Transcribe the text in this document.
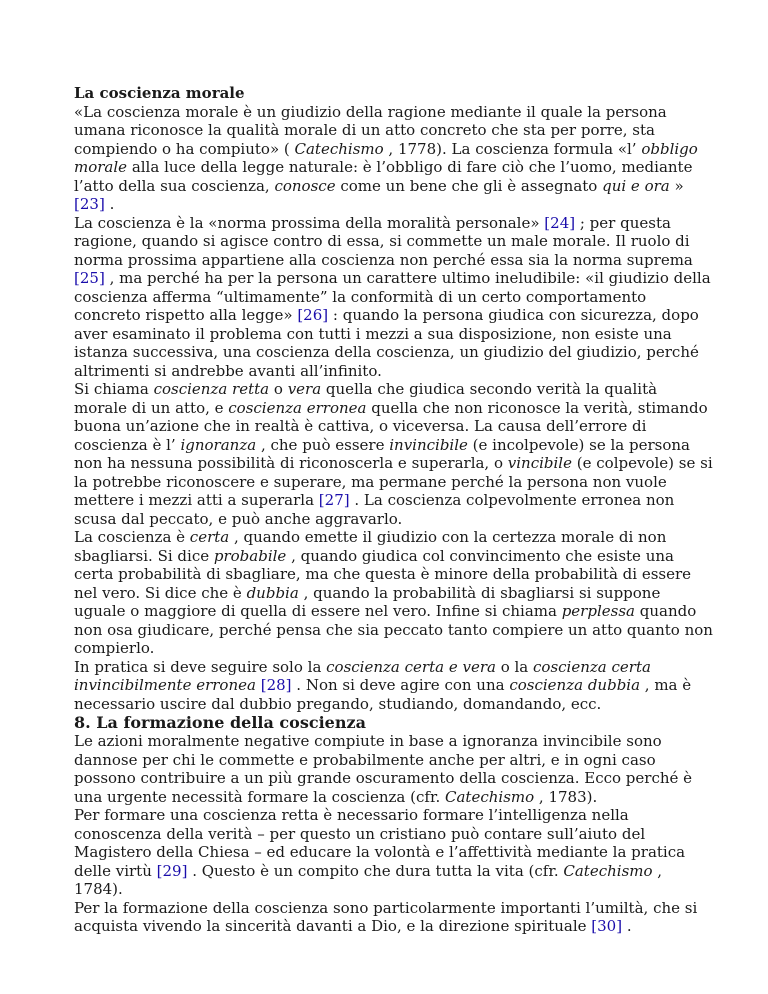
La coscienza morale

«La coscienza morale è un giudizio della ragione mediante il quale la persona umana riconosce la qualità morale di un atto concreto che sta per porre, sta compiendo o ha compiuto» ( Catechismo , 1778). La coscienza formula «l’ obbligo morale alla luce della legge naturale: è l’obbligo di fare ciò che l’uomo, mediante l’atto della sua coscienza, conosce come un bene che gli è assegnato qui e ora » [23] .

La coscienza è la «norma prossima della moralità personale» [24] ; per questa ragione, quando si agisce contro di essa, si commette un male morale. Il ruolo di norma prossima appartiene alla coscienza non perché essa sia la norma suprema [25] , ma perché ha per la persona un carattere ultimo ineludibile: «il giudizio della coscienza afferma “ultimamente” la conformità di un certo comportamento concreto rispetto alla legge» [26] : quando la persona giudica con sicurezza, dopo aver esaminato il problema con tutti i mezzi a sua disposizione, non esiste una istanza successiva, una coscienza della coscienza, un giudizio del giudizio, perché altrimenti si andrebbe avanti all’infinito.

Si chiama coscienza retta o vera quella che giudica secondo verità la qualità morale di un atto, e coscienza erronea quella che non riconosce la verità, stimando buona un’azione che in realtà è cattiva, o viceversa. La causa dell’errore di coscienza è l’ ignoranza , che può essere invincibile (e incolpevole) se la persona non ha nessuna possibilità di riconoscerla e superarla, o vincibile (e colpevole) se si la potrebbe riconoscere e superare, ma permane perché la persona non vuole mettere i mezzi atti a superarla [27] . La coscienza colpevolmente erronea non scusa dal peccato, e può anche aggravarlo.

La coscienza è certa , quando emette il giudizio con la certezza morale di non sbagliarsi. Si dice probabile , quando giudica col convincimento che esiste una certa probabilità di sbagliare, ma che questa è minore della probabilità di essere nel vero. Si dice che è dubbia , quando la probabilità di sbagliarsi si suppone uguale o maggiore di quella di essere nel vero. Infine si chiama perplessa quando non osa giudicare, perché pensa che sia peccato tanto compiere un atto quanto non compierlo.

In pratica si deve seguire solo la coscienza certa e vera o la coscienza certa invincibilmente erronea [28] . Non si deve agire con una coscienza dubbia , ma è necessario uscire dal dubbio pregando, studiando, domandando, ecc.

8. La formazione della coscienza

Le azioni moralmente negative compiute in base a ignoranza invincibile sono dannose per chi le commette e probabilmente anche per altri, e in ogni caso possono contribuire a un più grande oscuramento della coscienza. Ecco perché è una urgente necessità formare la coscienza (cfr. Catechismo , 1783).

Per formare una coscienza retta è necessario formare l’intelligenza nella conoscenza della verità – per questo un cristiano può contare sull’aiuto del Magistero della Chiesa – ed educare la volontà e l’affettività mediante la pratica delle virtù [29] . Questo è un compito che dura tutta la vita (cfr. Catechismo , 1784).

Per la formazione della coscienza sono particolarmente importanti l’umiltà, che si acquista vivendo la sincerità davanti a Dio, e la direzione spirituale [30] .
